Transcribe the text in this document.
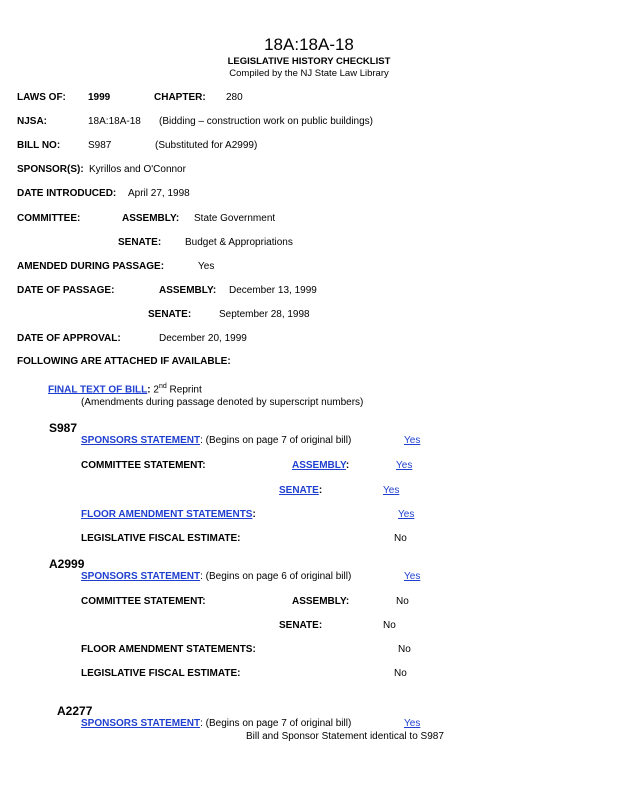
18A:18A-18
LEGISLATIVE HISTORY CHECKLIST
Compiled by the NJ State Law Library
LAWS OF: 1999	CHAPTER: 280
NJSA:	18A:18A-18 (Bidding – construction work on public buildings)
BILL NO:	S987	(Substituted for A2999)
SPONSOR(S): Kyrillos and O'Connor
DATE INTRODUCED: April 27, 1998
COMMITTEE:	ASSEMBLY: State Government
SENATE: Budget & Appropriations
AMENDED DURING PASSAGE:	Yes
DATE OF PASSAGE:	ASSEMBLY: December 13, 1999
SENATE:	September 28, 1998
DATE OF APPROVAL:	December 20, 1999
FOLLOWING ARE ATTACHED IF AVAILABLE:
FINAL TEXT OF BILL: 2nd Reprint
(Amendments during passage denoted by superscript numbers)
S987
SPONSORS STATEMENT: (Begins on page 7 of original bill)	Yes
COMMITTEE STATEMENT:	ASSEMBLY:	Yes
SENATE:	Yes
FLOOR AMENDMENT STATEMENTS:	Yes
LEGISLATIVE FISCAL ESTIMATE:	No
A2999
SPONSORS STATEMENT: (Begins on page 6 of original bill)	Yes
COMMITTEE STATEMENT:	ASSEMBLY:	No
SENATE:	No
FLOOR AMENDMENT STATEMENTS:	No
LEGISLATIVE FISCAL ESTIMATE:	No
A2277
SPONSORS STATEMENT: (Begins on page 7 of original bill)	Yes
Bill and Sponsor Statement identical to S987
